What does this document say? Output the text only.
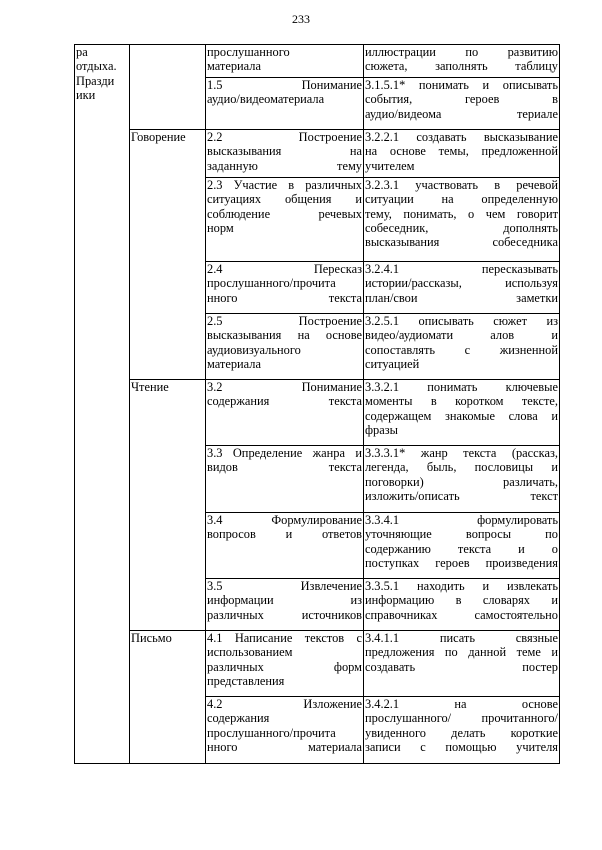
233
ра
отдыха.
Празди
ики		прослушанного
материала	иллюстрации по развитию
сюжета, заполнять таблицу
		1.5 Понимание
аудио/видеоматериала	3.1.5.1* понимать и описывать
события, героев в
аудио/видеома териале
	Говорение	2.2 Построение
высказывания на
заданную тему	3.2.2.1 создавать высказывание
на основе темы, предложенной
учителем
		2.3 Участие в различных
ситуациях общения и
соблюдение речевых
норм	3.2.3.1 участвовать в речевой
ситуации на определенную
тему, понимать, о чем говорит
собеседник, дополнять
высказывания собеседника
		2.4 Пересказ
прослушанного/прочита
нного текста	3.2.4.1 пересказывать
истории/рассказы, используя
план/свои заметки
		2.5 Построение
высказывания на основе
аудиовизуального
материала	3.2.5.1 описывать сюжет из
видео/аудиомати алов и
сопоставлять с жизненной
ситуацией
	Чтение	3.2 Понимание
содержания текста	3.3.2.1 понимать ключевые
моменты в коротком тексте,
содержащем знакомые слова и
фразы
		3.3 Определение жанра и
видов текста	3.3.3.1* жанр текста (рассказ,
легенда, быль, пословицы и
поговорки) различать,
изложить/описать текст
		3.4 Формулирование
вопросов и ответов	3.3.4.1 формулировать
уточняющие вопросы по
содержанию текста и о
поступках героев произведения
		3.5 Извлечение
информации из
различных источников	3.3.5.1 находить и извлекать
информацию в словарях и
справочниках самостоятельно
	Письмо	4.1 Написание текстов с
использованием
различных форм
представления	3.4.1.1 писать связные
предложения по данной теме и
создавать постер
		4.2 Изложение
содержания
прослушанного/прочита
нного материала	3.4.2.1 на основе
прослушанного/ прочитанного/
увиденного делать короткие
записи с помощью учителя
